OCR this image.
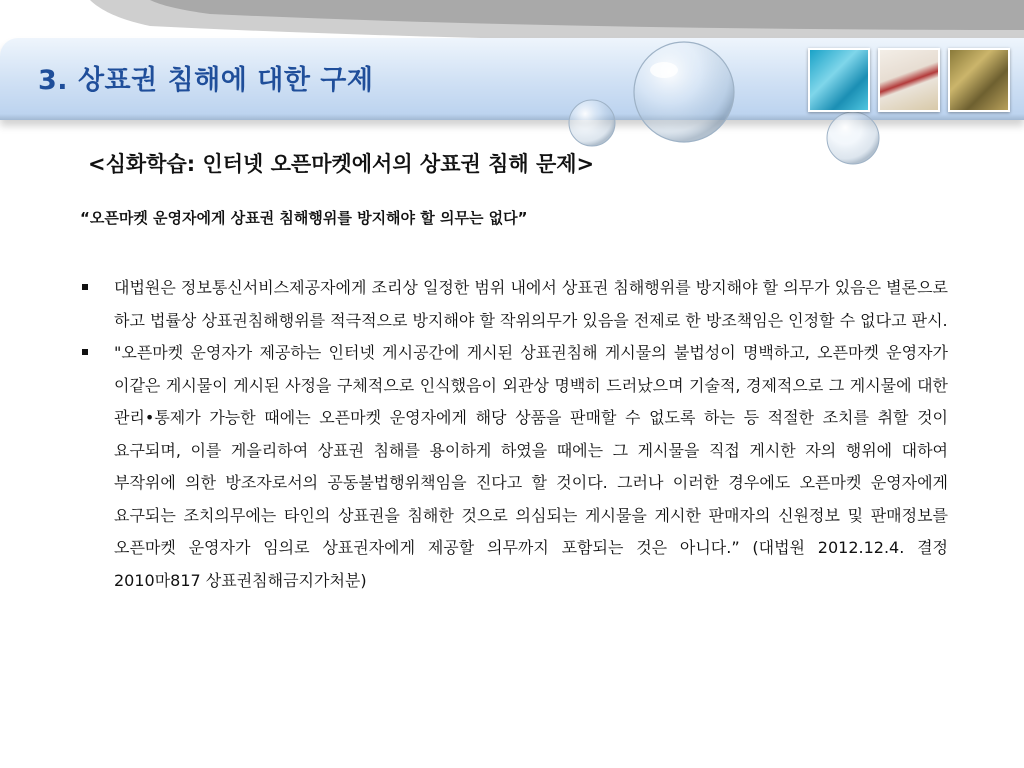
3. 상표권 침해에 대한 구제
<심화학습: 인터넷 오픈마켓에서의 상표권 침해 문제>
“오픈마켓 운영자에게 상표권 침해행위를 방지해야 할 의무는 없다”
대법원은 정보통신서비스제공자에게 조리상 일정한 범위 내에서 상표권 침해행위를 방지해야 할 의무가 있음은 별론으로 하고 법률상 상표권침해행위를 적극적으로 방지해야 할 작위의무가 있음을 전제로 한 방조책임은 인정할 수 없다고 판시.
"오픈마켓 운영자가 제공하는 인터넷 게시공간에 게시된 상표권침해 게시물의 불법성이 명백하고, 오픈마켓 운영자가 이같은 게시물이 게시된 사정을 구체적으로 인식했음이 외관상 명백히 드러났으며 기술적, 경제적으로 그 게시물에 대한 관리•통제가 가능한 때에는 오픈마켓 운영자에게 해당 상품을 판매할 수 없도록 하는 등 적절한 조치를 취할 것이 요구되며, 이를 게을리하여 상표권 침해를 용이하게 하였을 때에는 그 게시물을 직접 게시한 자의 행위에 대하여 부작위에 의한 방조자로서의 공동불법행위책임을 진다고 할 것이다. 그러나 이러한 경우에도 오픈마켓 운영자에게 요구되는 조치의무에는 타인의 상표권을 침해한 것으로 의심되는 게시물을 게시한 판매자의 신원정보 및 판매정보를 오픈마켓 운영자가 임의로 상표권자에게 제공할 의무까지 포함되는 것은 아니다.” (대법원 2012.12.4. 결정 2010마817 상표권침해금지가처분)
